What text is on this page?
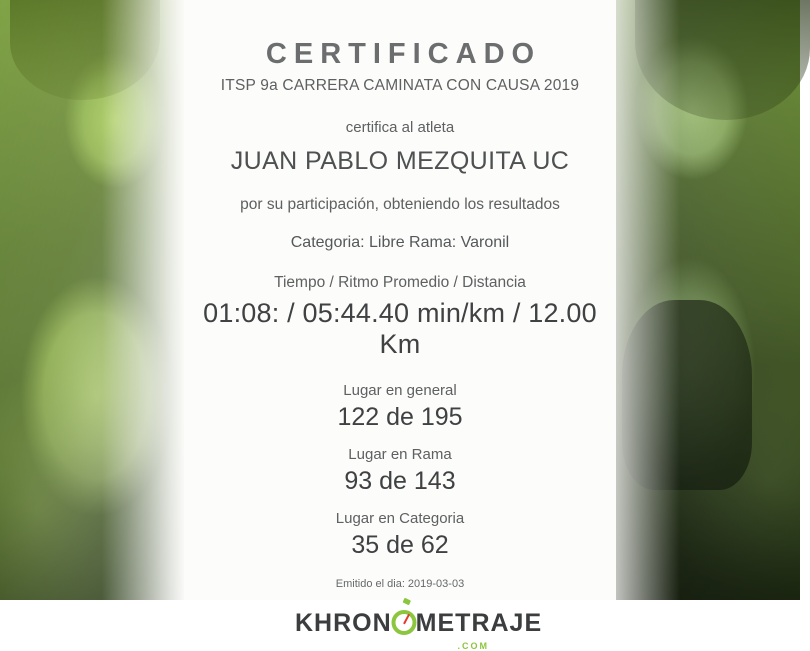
CERTIFICADO
ITSP 9a CARRERA CAMINATA CON CAUSA 2019
certifica al atleta
JUAN PABLO MEZQUITA UC
por su participación, obteniendo los resultados
Categoria: Libre Rama: Varonil
Tiempo / Ritmo Promedio / Distancia
01:08: / 05:44.40 min/km / 12.00 Km
Lugar en general
122 de 195
Lugar en Rama
93 de 143
Lugar en Categoria
35 de 62
Emitido el dia: 2019-03-03
KHRON METRAJE
.COM
